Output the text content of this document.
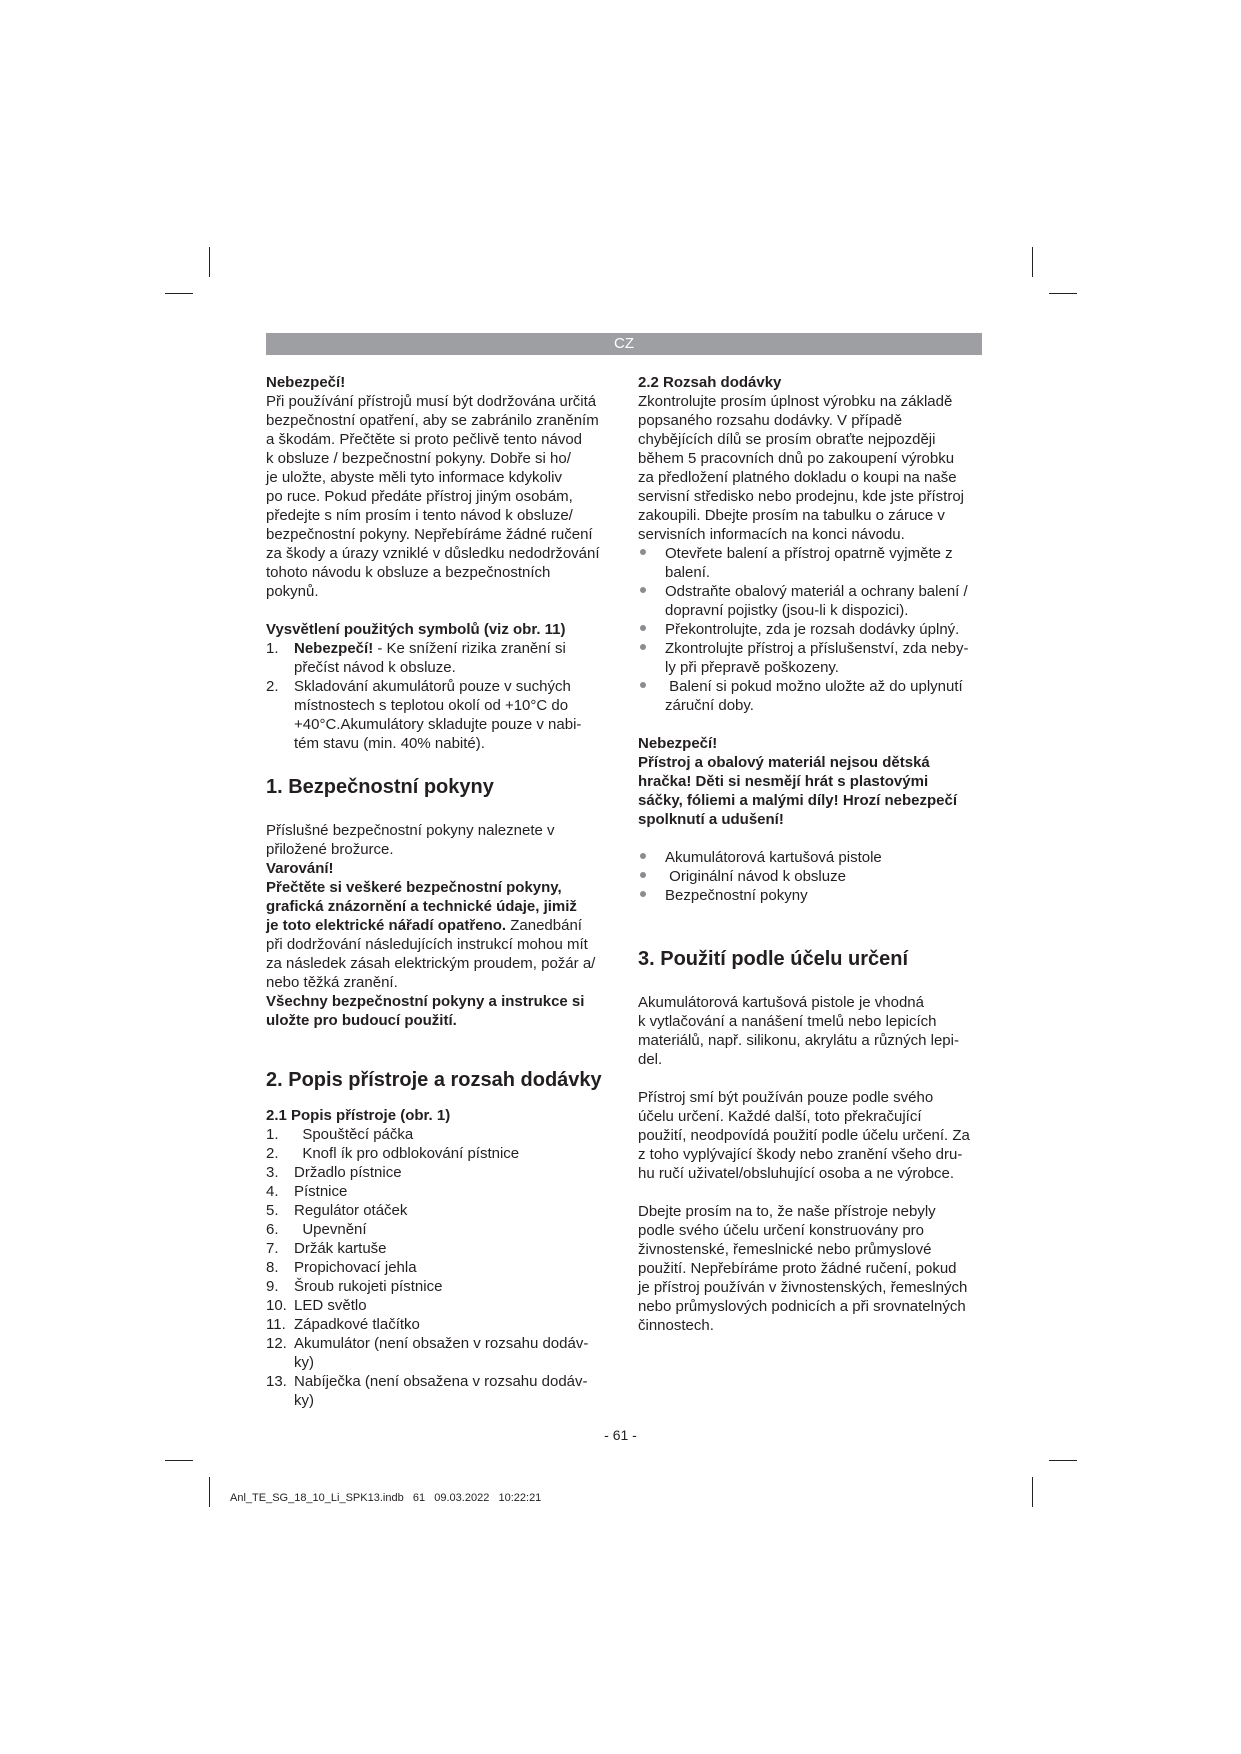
CZ

Nebezpečí!

Při používání přístrojů musí být dodržována určitá
bezpečnostní opatření, aby se zabránilo zraněním
a škodám. Přečtěte si proto pečlivě tento návod
k obsluze / bezpečnostní pokyny. Dobře si ho/
je uložte, abyste měli tyto informace kdykoliv
po ruce. Pokud předáte přístroj jiným osobám,
předejte s ním prosím i tento návod k obsluze/
bezpečnostní pokyny. Nepřebíráme žádné ručení
za škody a úrazy vzniklé v důsledku nedodržování
tohoto návodu k obsluze a bezpečnostních
pokynů.

Vysvětlení použitých symbolů (viz obr. 11)

1. Nebezpečí! - Ke snížení rizika zranění si
přečíst návod k obsluze.
2. Skladování akumulátorů pouze v suchých
místnostech s teplotou okolí od +10°C do
+40°C.Akumulátory skladujte pouze v nabi-
tém stavu (min. 40% nabité).

1. Bezpečnostní pokyny

Příslušné bezpečnostní pokyny naleznete v
přiložené brožurce.

Varování!

Přečtěte si veškeré bezpečnostní pokyny,
grafická znázornění a technické údaje, jimiž
je toto elektrické nářadí opatřeno. Zanedbání
při dodržování následujících instrukcí mohou mít
za následek zásah elektrickým proudem, požár a/
nebo těžká zranění.

Všechny bezpečnostní pokyny a instrukce si
uložte pro budoucí použití.

2. Popis přístroje a rozsah dodávky

2.1 Popis přístroje (obr. 1)

1. Spouštěcí páčka
2. Knofl ík pro odblokování pístnice
3. Držadlo pístnice
4. Pístnice
5. Regulátor otáček
6. Upevnění
7. Držák kartuše
8. Propichovací jehla
9. Šroub rukojeti pístnice
10. LED světlo
11. Západkové tlačítko
12. Akumulátor (není obsažen v rozsahu dodáv-
ky)
13. Nabíječka (není obsažena v rozsahu dodáv-
ky)

2.2 Rozsah dodávky

Zkontrolujte prosím úplnost výrobku na základě
popsaného rozsahu dodávky. V případě
chybějících dílů se prosím obraťte nejpozději
během 5 pracovních dnů po zakoupení výrobku
za předložení platného dokladu o koupi na naše
servisní středisko nebo prodejnu, kde jste přístroj
zakoupili. Dbejte prosím na tabulku o záruce v
servisních informacích na konci návodu.

Otevřete balení a přístroj opatrně vyjměte z
balení.
Odstraňte obalový materiál a ochrany balení /
dopravní pojistky (jsou-li k dispozici).
Překontrolujte, zda je rozsah dodávky úplný.
Zkontrolujte přístroj a příslušenství, zda neby-
ly při přepravě poškozeny.
Balení si pokud možno uložte až do uplynutí
záruční doby.

Nebezpečí!

Přístroj a obalový materiál nejsou dětská
hračka! Děti si nesmějí hrát s plastovými
sáčky, fóliemi a malými díly! Hrozí nebezpečí
spolknutí a udušení!

Akumulátorová kartušová pistole
Originální návod k obsluze
Bezpečnostní pokyny

3. Použití podle účelu určení

Akumulátorová kartušová pistole je vhodná
k vytlačování a nanášení tmelů nebo lepicích
materiálů, např. silikonu, akrylátu a různých lepi-
del.

Přístroj smí být používán pouze podle svého
účelu určení. Každé další, toto překračující
použití, neodpovídá použití podle účelu určení. Za
z toho vyplývající škody nebo zranění všeho dru-
hu ručí uživatel/obsluhující osoba a ne výrobce.

Dbejte prosím na to, že naše přístroje nebyly
podle svého účelu určení konstruovány pro
živnostenské, řemeslnické nebo průmyslové
použití. Nepřebíráme proto žádné ručení, pokud
je přístroj používán v živnostenských, řemeslných
nebo průmyslových podnicích a při srovnatelných
činnostech.

- 61 -
Anl_TE_SG_18_10_Li_SPK13.indb   61   09.03.2022   10:22:21
